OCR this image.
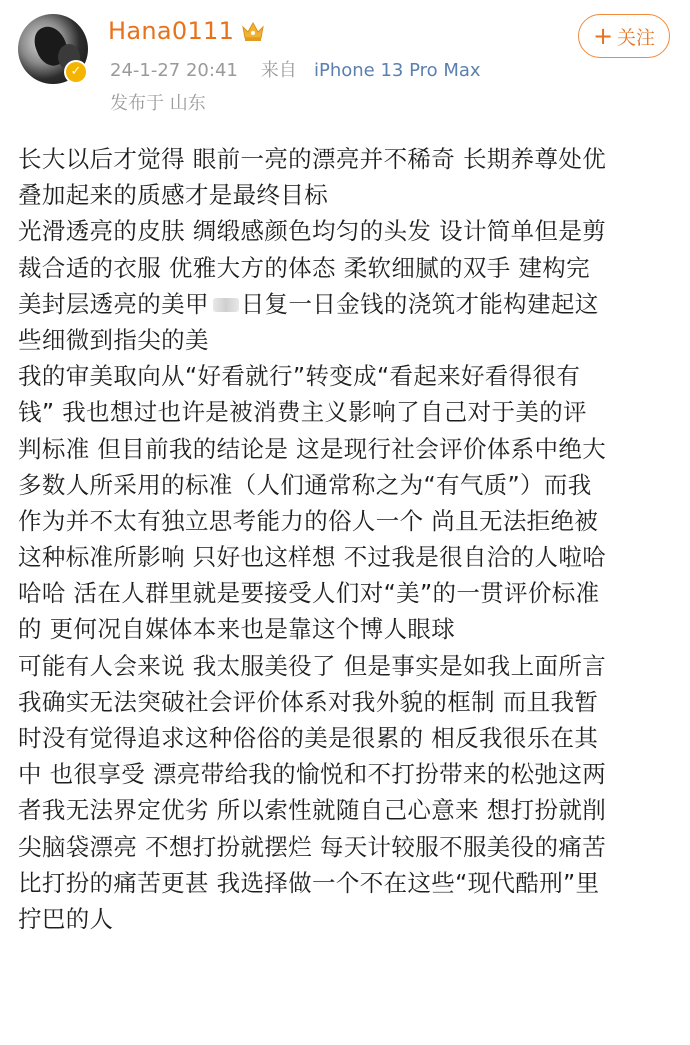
✓
Hana0111
24-1-27 20:41 来自 iPhone 13 Pro Max
发布于 山东
+ 关注
长大以后才觉得 眼前一亮的漂亮并不稀奇 长期养尊处优
叠加起来的质感才是最终目标
光滑透亮的皮肤 绸缎感颜色均匀的头发 设计简单但是剪
裁合适的衣服 优雅大方的体态 柔软细腻的双手 建构完
美封层透亮的美甲 日复一日金钱的浇筑才能构建起这
些细微到指尖的美
我的审美取向从“好看就行”转变成“看起来好看得很有
钱” 我也想过也许是被消费主义影响了自己对于美的评
判标准 但目前我的结论是 这是现行社会评价体系中绝大
多数人所采用的标准（人们通常称之为“有气质”）而我
作为并不太有独立思考能力的俗人一个 尚且无法拒绝被
这种标准所影响 只好也这样想 不过我是很自洽的人啦哈
哈哈 活在人群里就是要接受人们对“美”的一贯评价标准
的 更何况自媒体本来也是靠这个博人眼球
可能有人会来说 我太服美役了 但是事实是如我上面所言
我确实无法突破社会评价体系对我外貌的框制 而且我暂
时没有觉得追求这种俗俗的美是很累的 相反我很乐在其
中 也很享受 漂亮带给我的愉悦和不打扮带来的松弛这两
者我无法界定优劣 所以索性就随自己心意来 想打扮就削
尖脑袋漂亮 不想打扮就摆烂 每天计较服不服美役的痛苦
比打扮的痛苦更甚 我选择做一个不在这些“现代酷刑”里
拧巴的人
